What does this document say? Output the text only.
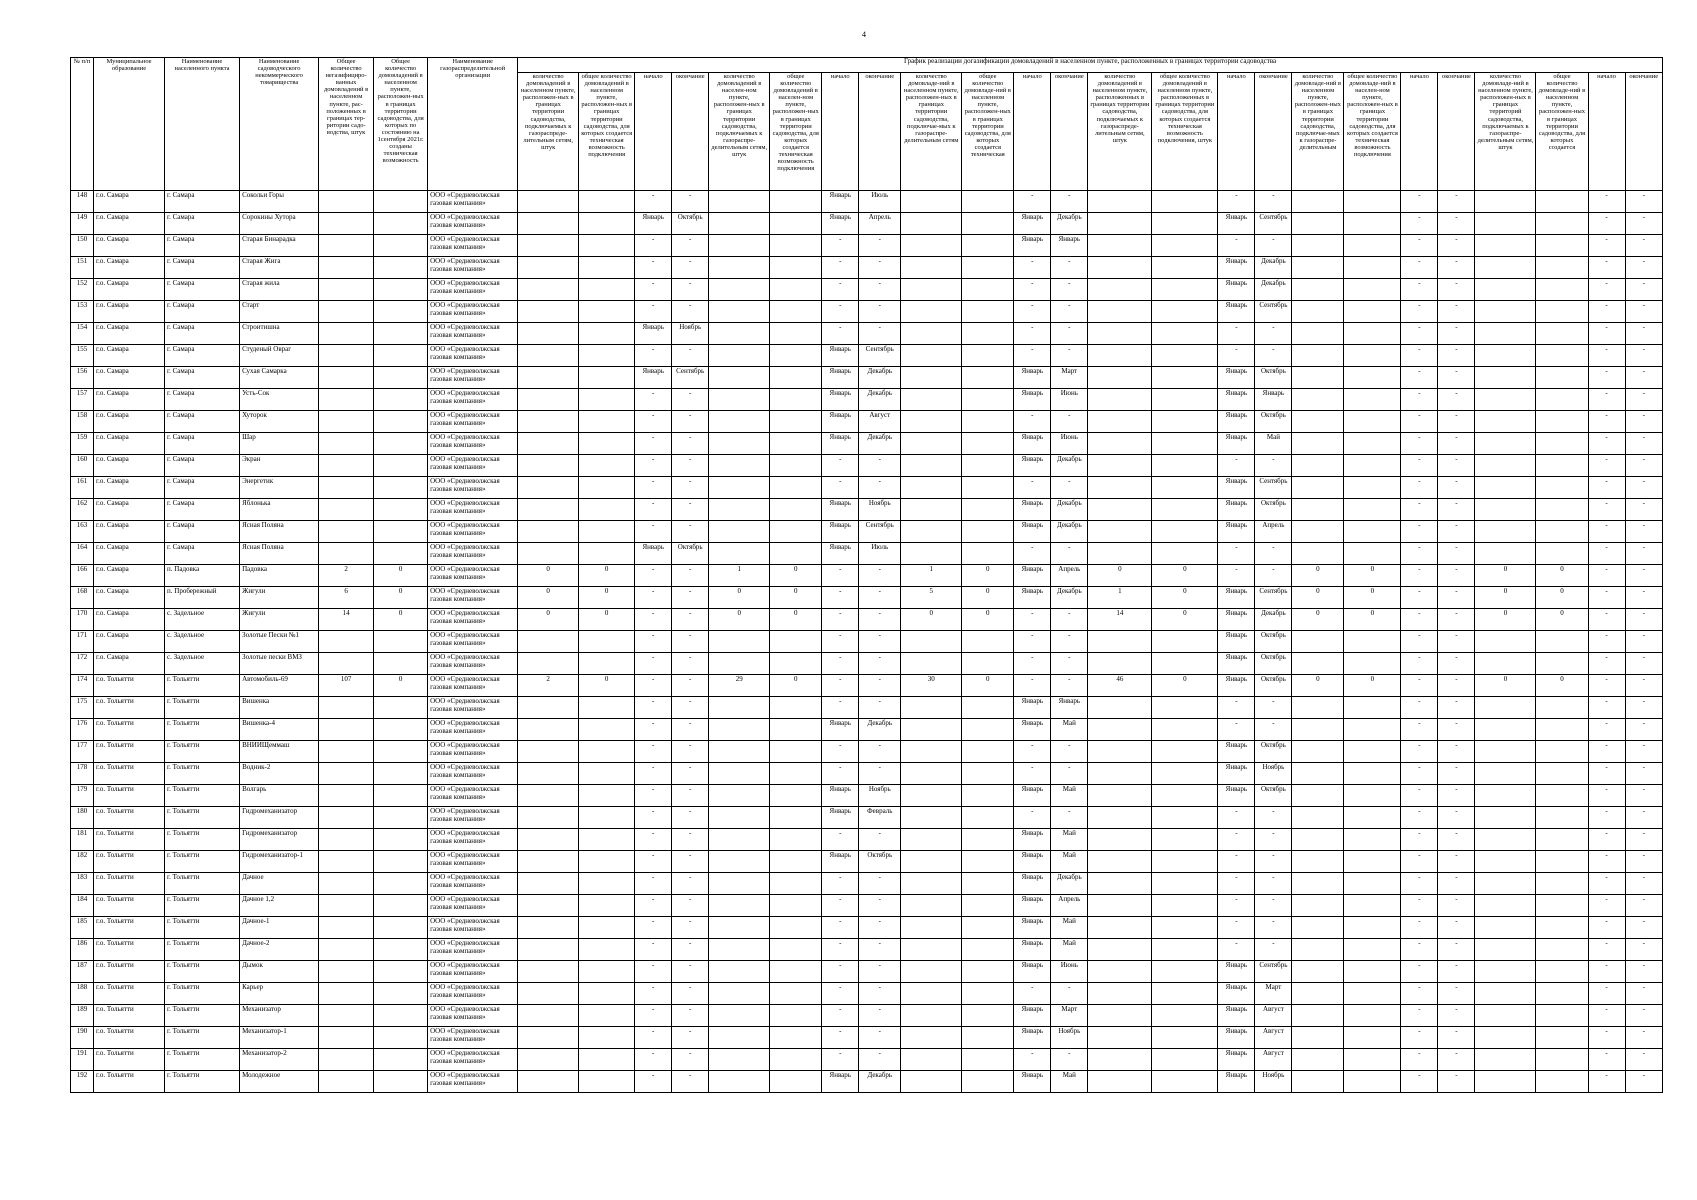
4
№ п/п	Муниципальное образование	Наименование населенного пункта	Наименование садоводческого некоммерческого товарищества	Общее количество негазифициро-ванных домовладений в населенном пункте, рас-положенных в границах тер-ритории садо-водства, штук	Общее количество домовладений в населенном пункте, расположен-ных в границах территории садоводства, для которых по состоянию на 1сентября 2021г. созданы техническая возможность	Наименование газораспределительной организации	График реализации догазификации домовладений в населенном пункте, расположенных в границах территории садоводства																							
							количество домовладений в населенном пункте, расположен-ных в границах территории садоводства, подключаемых к газораспреде-лительным сетям, штук	общее количество домовладений в населенном пункте, расположен-ных в границах территории садоводства, для которых создается техническая возможность подключения	начало	окончание	количество домовладений в населен-ном пункте, расположен-ных в границах территории садоводства, подключаемых к газораспре-делительным сетям, штук	общее количество домовладений в населен-ном пункте, расположен-ных в границах территории садоводства, для которых создается техническая возможность подключения	начало	окончание	количество домовладе-ний в населенном пункте, расположен-ных в границах территории садоводства, подключае-мых к газораспре-делительным сетям	общее количество домовладе-ний в населенном пункте, расположен-ных в границах территории садоводства, для которых создается техническая	начало	окончание	количество домовладений в населенном пункте, расположенных в границах территории садоводства, подключаемых к газораспреде-лительным сетям, штук	общее количество домовладений в населенном пункте, расположенных в границах территории садоводства, для которых создается техническая возможность подключения, штук	начало	окончание	количество домовладе-ний в населенном пункте, расположен-ных в границах территории садоводства, подключае-мых к газораспре-делительным	общее количество домовладе-ний в населен-ном пункте, расположен-ных в границах территории садоводства, для которых создается техническая возможность подключения	начало	окончание	количество домовладе-ний в населенном пункте, расположен-ных в границах территорий садоводства, подключаемых к газораспре-делительным сетям, штук	общее количество домовладе-ний в населенном пункте, расположен-ных в границах территории садоводства, для которых создается	начало	окончание
148	г.о. Самара	г. Самара	Сокольи Горы			ООО «Средневолжская газовая компания»			-	-			Январь	Июль			-	-			-	-			-	-			-	-
149	г.о. Самара	г. Самара	Сорокины Хутора			ООО «Средневолжская газовая компания»			Январь	Октябрь			Январь	Апрель			Январь	Декабрь			Январь	Сентябрь			-	-			-	-
150	г.о. Самара	г. Самара	Старая Бинарадка			ООО «Средневолжская газовая компания»			-	-			-	-			Январь	Январь			-	-			-	-			-	-
151	г.о. Самара	г. Самара	Старая Жига			ООО «Средневолжская газовая компания»			-	-			-	-			-	-			Январь	Декабрь			-	-			-	-
152	г.о. Самара	г. Самара	Старая жила			ООО «Средневолжская газовая компания»			-	-			-	-			-	-			Январь	Декабрь			-	-			-	-
153	г.о. Самара	г. Самара	Старт			ООО «Средневолжская газовая компания»			-	-			-	-			-	-			Январь	Сентябрь			-	-			-	-
154	г.о. Самара	г. Самара	Строитишна			ООО «Средневолжская газовая компания»			Январь	Ноябрь			-	-			-	-			-	-			-	-			-	-
155	г.о. Самара	г. Самара	Студеный Овраг			ООО «Средневолжская газовая компания»			-	-			Январь	Сентябрь			-	-			-	-			-	-			-	-
156	г.о. Самара	г. Самара	Сухая Самарка			ООО «Средневолжская газовая компания»			Январь	Сентябрь			Январь	Декабрь			Январь	Март			Январь	Октябрь			-	-			-	-
157	г.о. Самара	г. Самара	Усть-Сок			ООО «Средневолжская газовая компания»			-	-			Январь	Декабрь			Январь	Июнь			Январь	Январь			-	-			-	-
158	г.о. Самара	г. Самара	Хуторок			ООО «Средневолжская газовая компания»			-	-			Январь	Август			-	-			Январь	Октябрь			-	-			-	-
159	г.о. Самара	г. Самара	Шар			ООО «Средневолжская газовая компания»			-	-			Январь	Декабрь			Январь	Июнь			Январь	Май			-	-			-	-
160	г.о. Самара	г. Самара	Экран			ООО «Средневолжская газовая компания»			-	-			-	-			Январь	Декабрь			-	-			-	-			-	-
161	г.о. Самара	г. Самара	Энергетик			ООО «Средневолжская газовая компания»			-	-			-	-			-	-			Январь	Сентябрь			-	-			-	-
162	г.о. Самара	г. Самара	Яблонька			ООО «Средневолжская газовая компания»			-	-			Январь	Ноябрь			Январь	Декабрь			Январь	Октябрь			-	-			-	-
163	г.о. Самара	г. Самара	Ясная Поляна			ООО «Средневолжская газовая компания»			-	-			Январь	Сентябрь			Январь	Декабрь			Январь	Апрель			-	-			-	-
164	г.о. Самара	г. Самара	Ясная Поляна			ООО «Средневолжская газовая компания»			Январь	Октябрь			Январь	Июль			-	-			-	-			-	-			-	-
166	г.о. Самара	п. Падовка	Падовка	2	0	ООО «Средневолжская газовая компания»	0	0	-	-	1	0	-	-	1	0	Январь	Апрель	0	0	-	-	0	0	-	-	0	0	-	-
168	г.о. Самара	п. Пробережный	Жигули	6	0	ООО «Средневолжская газовая компания»	0	0	-	-	0	0	-	-	5	0	Январь	Декабрь	1	0	Январь	Сентябрь	0	0	-	-	0	0	-	-
170	г.о. Самара	с. Задельное	Жигули	14	0	ООО «Средневолжская газовая компания»	0	0	-	-	0	0	-	-	0	0	-	-	14	0	Январь	Декабрь	0	0	-	-	0	0	-	-
171	г.о. Самара	с. Задельное	Золотые Пески №1			ООО «Средневолжская газовая компания»			-	-			-	-			-	-			Январь	Октябрь			-	-			-	-
172	г.о. Самара	с. Задельное	Золотые пески ВМЗ			ООО «Средневолжская газовая компания»			-	-			-	-			-	-			Январь	Октябрь			-	-			-	-
174	г.о. Тольятти	г. Тольятти	Автомобиль-69	107	0	ООО «Средневолжская газовая компания»	2	0	-	-	29	0	-	-	30	0	-	-	46	0	Январь	Октябрь	0	0	-	-	0	0	-	-
175	г.о. Тольятти	г. Тольятти	Вишенка			ООО «Средневолжская газовая компания»			-	-			-	-			Январь	Январь			-	-			-	-			-	-
176	г.о. Тольятти	г. Тольятти	Вишенка-4			ООО «Средневолжская газовая компания»			-	-			Январь	Декабрь			Январь	Май			-	-			-	-			-	-
177	г.о. Тольятти	г. Тольятти	ВНИИЩеммаш			ООО «Средневолжская газовая компания»			-	-			-	-			-	-			Январь	Октябрь			-	-			-	-
178	г.о. Тольятти	г. Тольятти	Водник-2			ООО «Средневолжская газовая компания»			-	-			-	-			-	-			Январь	Ноябрь			-	-			-	-
179	г.о. Тольятти	г. Тольятти	Волгарь			ООО «Средневолжская газовая компания»			-	-			Январь	Ноябрь			Январь	Май			Январь	Октябрь			-	-			-	-
180	г.о. Тольятти	г. Тольятти	Гидромеханизатор			ООО «Средневолжская газовая компания»			-	-			Январь	Февраль			-	-			-	-			-	-			-	-
181	г.о. Тольятти	г. Тольятти	Гидромеханизатор			ООО «Средневолжская газовая компания»			-	-			-	-			Январь	Май			-	-			-	-			-	-
182	г.о. Тольятти	г. Тольятти	Гидромеханизатор-1			ООО «Средневолжская газовая компания»			-	-			Январь	Октябрь			Январь	Май			-	-			-	-			-	-
183	г.о. Тольятти	г. Тольятти	Дачное			ООО «Средневолжская газовая компания»			-	-			-	-			Январь	Декабрь			-	-			-	-			-	-
184	г.о. Тольятти	г. Тольятти	Дачное 1,2			ООО «Средневолжская газовая компания»			-	-			-	-			Январь	Апрель			-	-			-	-			-	-
185	г.о. Тольятти	г. Тольятти	Дачное-1			ООО «Средневолжская газовая компания»			-	-			-	-			Январь	Май			-	-			-	-			-	-
186	г.о. Тольятти	г. Тольятти	Дачное-2			ООО «Средневолжская газовая компания»			-	-			-	-			Январь	Май			-	-			-	-			-	-
187	г.о. Тольятти	г. Тольятти	Дымок			ООО «Средневолжская газовая компания»			-	-			-	-			Январь	Июнь			Январь	Сентябрь			-	-			-	-
188	г.о. Тольятти	г. Тольятти	Карьер			ООО «Средневолжская газовая компания»			-	-			-	-			-	-			Январь	Март			-	-			-	-
189	г.о. Тольятти	г. Тольятти	Механизатор			ООО «Средневолжская газовая компания»			-	-			-	-			Январь	Март			Январь	Август			-	-			-	-
190	г.о. Тольятти	г. Тольятти	Механизатор-1			ООО «Средневолжская газовая компания»			-	-			-	-			Январь	Ноябрь			Январь	Август			-	-			-	-
191	г.о. Тольятти	г. Тольятти	Механизатор-2			ООО «Средневолжская газовая компания»			-	-			-	-			-	-			Январь	Август			-	-			-	-
192	г.о. Тольятти	г. Тольятти	Молодежное			ООО «Средневолжская газовая компания»			-	-			Январь	Декабрь			Январь	Май			Январь	Ноябрь			-	-			-	-
